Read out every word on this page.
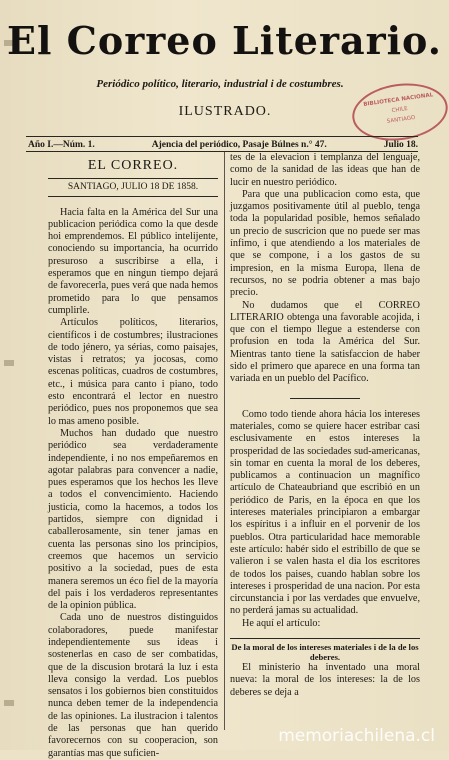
El Correo Literario.
Periódico político, literario, industrial i de costumbres.
ILUSTRADO.
BIBLIOTECA NACIONAL
CHILE
SANTIAGO
Año I.—Núm. 1.	Ajencia del periódico, Pasaje Búlnes n.° 47.	Julio 18.
EL CORREO.
SANTIAGO, JULIO 18 DE 1858.

Hacia falta en la América del Sur una publicacion periódica como la que desde hoi emprendemos. El público intelijente, conociendo su importancia, ha ocurrido presuroso a suscribirse a ella, i esperamos que en ningun tiempo dejará de favorecerla, pues verá que nada hemos prometido para lo que pensamos cumplirle.

Artículos políticos, literarios, científicos i de costumbres; ilustraciones de todo jénero, ya sérias, como paisajes, vistas i retratos; ya jocosas, como escenas políticas, cuadros de costumbres, etc., i música para canto i piano, todo esto encontrará el lector en nuestro periódico, pues nos proponemos que sea lo mas ameno posible.

Muchos han dudado que nuestro periódico sea verdaderamente independiente, i no nos empeñaremos en agotar palabras para convencer a nadie, pues esperamos que los hechos les lleve a todos el convencimiento. Haciendo justicia, como la hacemos, a todos los partidos, siempre con dignidad i caballerosamente, sin tener jamas en cuenta las personas sino los principios, creemos que hacemos un servicio positivo a la sociedad, pues de esta manera seremos un éco fiel de la mayoría del pais i los verdaderos representantes de la opinion pública.

Cada uno de nuestros distinguidos colaboradores, puede manifestar independientemente sus ideas i sostenerlas en caso de ser combatidas, que de la discusion brotará la luz i esta lleva consigo la verdad. Los pueblos sensatos i los gobiernos bien constituidos nunca deben temer de la independencia de las opiniones. La ilustracion i talentos de las personas que han querido favorecernos con su cooperacion, son garantías mas que suficien-

tes de la elevacion i templanza del lenguaje, como de la sanidad de las ideas que han de lucir en nuestro periódico.

Para que una publicacion como esta, que juzgamos positivamente útil al pueblo, tenga toda la popularidad posible, hemos señalado un precio de suscricion que no puede ser mas ínfimo, i que atendiendo a los materiales de que se compone, i a los gastos de su impresion, en la misma Europa, llena de recursos, no se podria obtener a mas bajo precio.

No dudamos que el CORREO LITERARIO obtenga una favorable acojida, i que con el tiempo llegue a estenderse con profusion en toda la América del Sur. Mientras tanto tiene la satisfaccion de haber sido el primero que aparece en una forma tan variada en un pueblo del Pacífico.

Como todo tiende ahora hácia los intereses materiales, como se quiere hacer estribar casi esclusivamente en estos intereses la prosperidad de las sociedades sud-americanas, sin tomar en cuenta la moral de los deberes, publicamos a continuacion un magnífico artículo de Chateaubriand que escribió en un periódico de Paris, en la época en que los intereses materiales principiaron a embargar los espíritus i a influir en el porvenir de los pueblos. Otra particularidad hace memorable este artículo: habér sido el estribillo de que se valieron i se valen hasta el dia los escritores de todos los paises, cuando hablan sobre los intereses i prosperidad de una nacion. Por esta circunstancia i por las verdades que envuelve, no perderá jamas su actualidad.

He aquí el artículo:

De la moral de los intereses materiales i de la de los deberes.

El ministerio ha inventado una moral nueva: la moral de los intereses: la de los deberes se deja a

memoriachilena.cl
